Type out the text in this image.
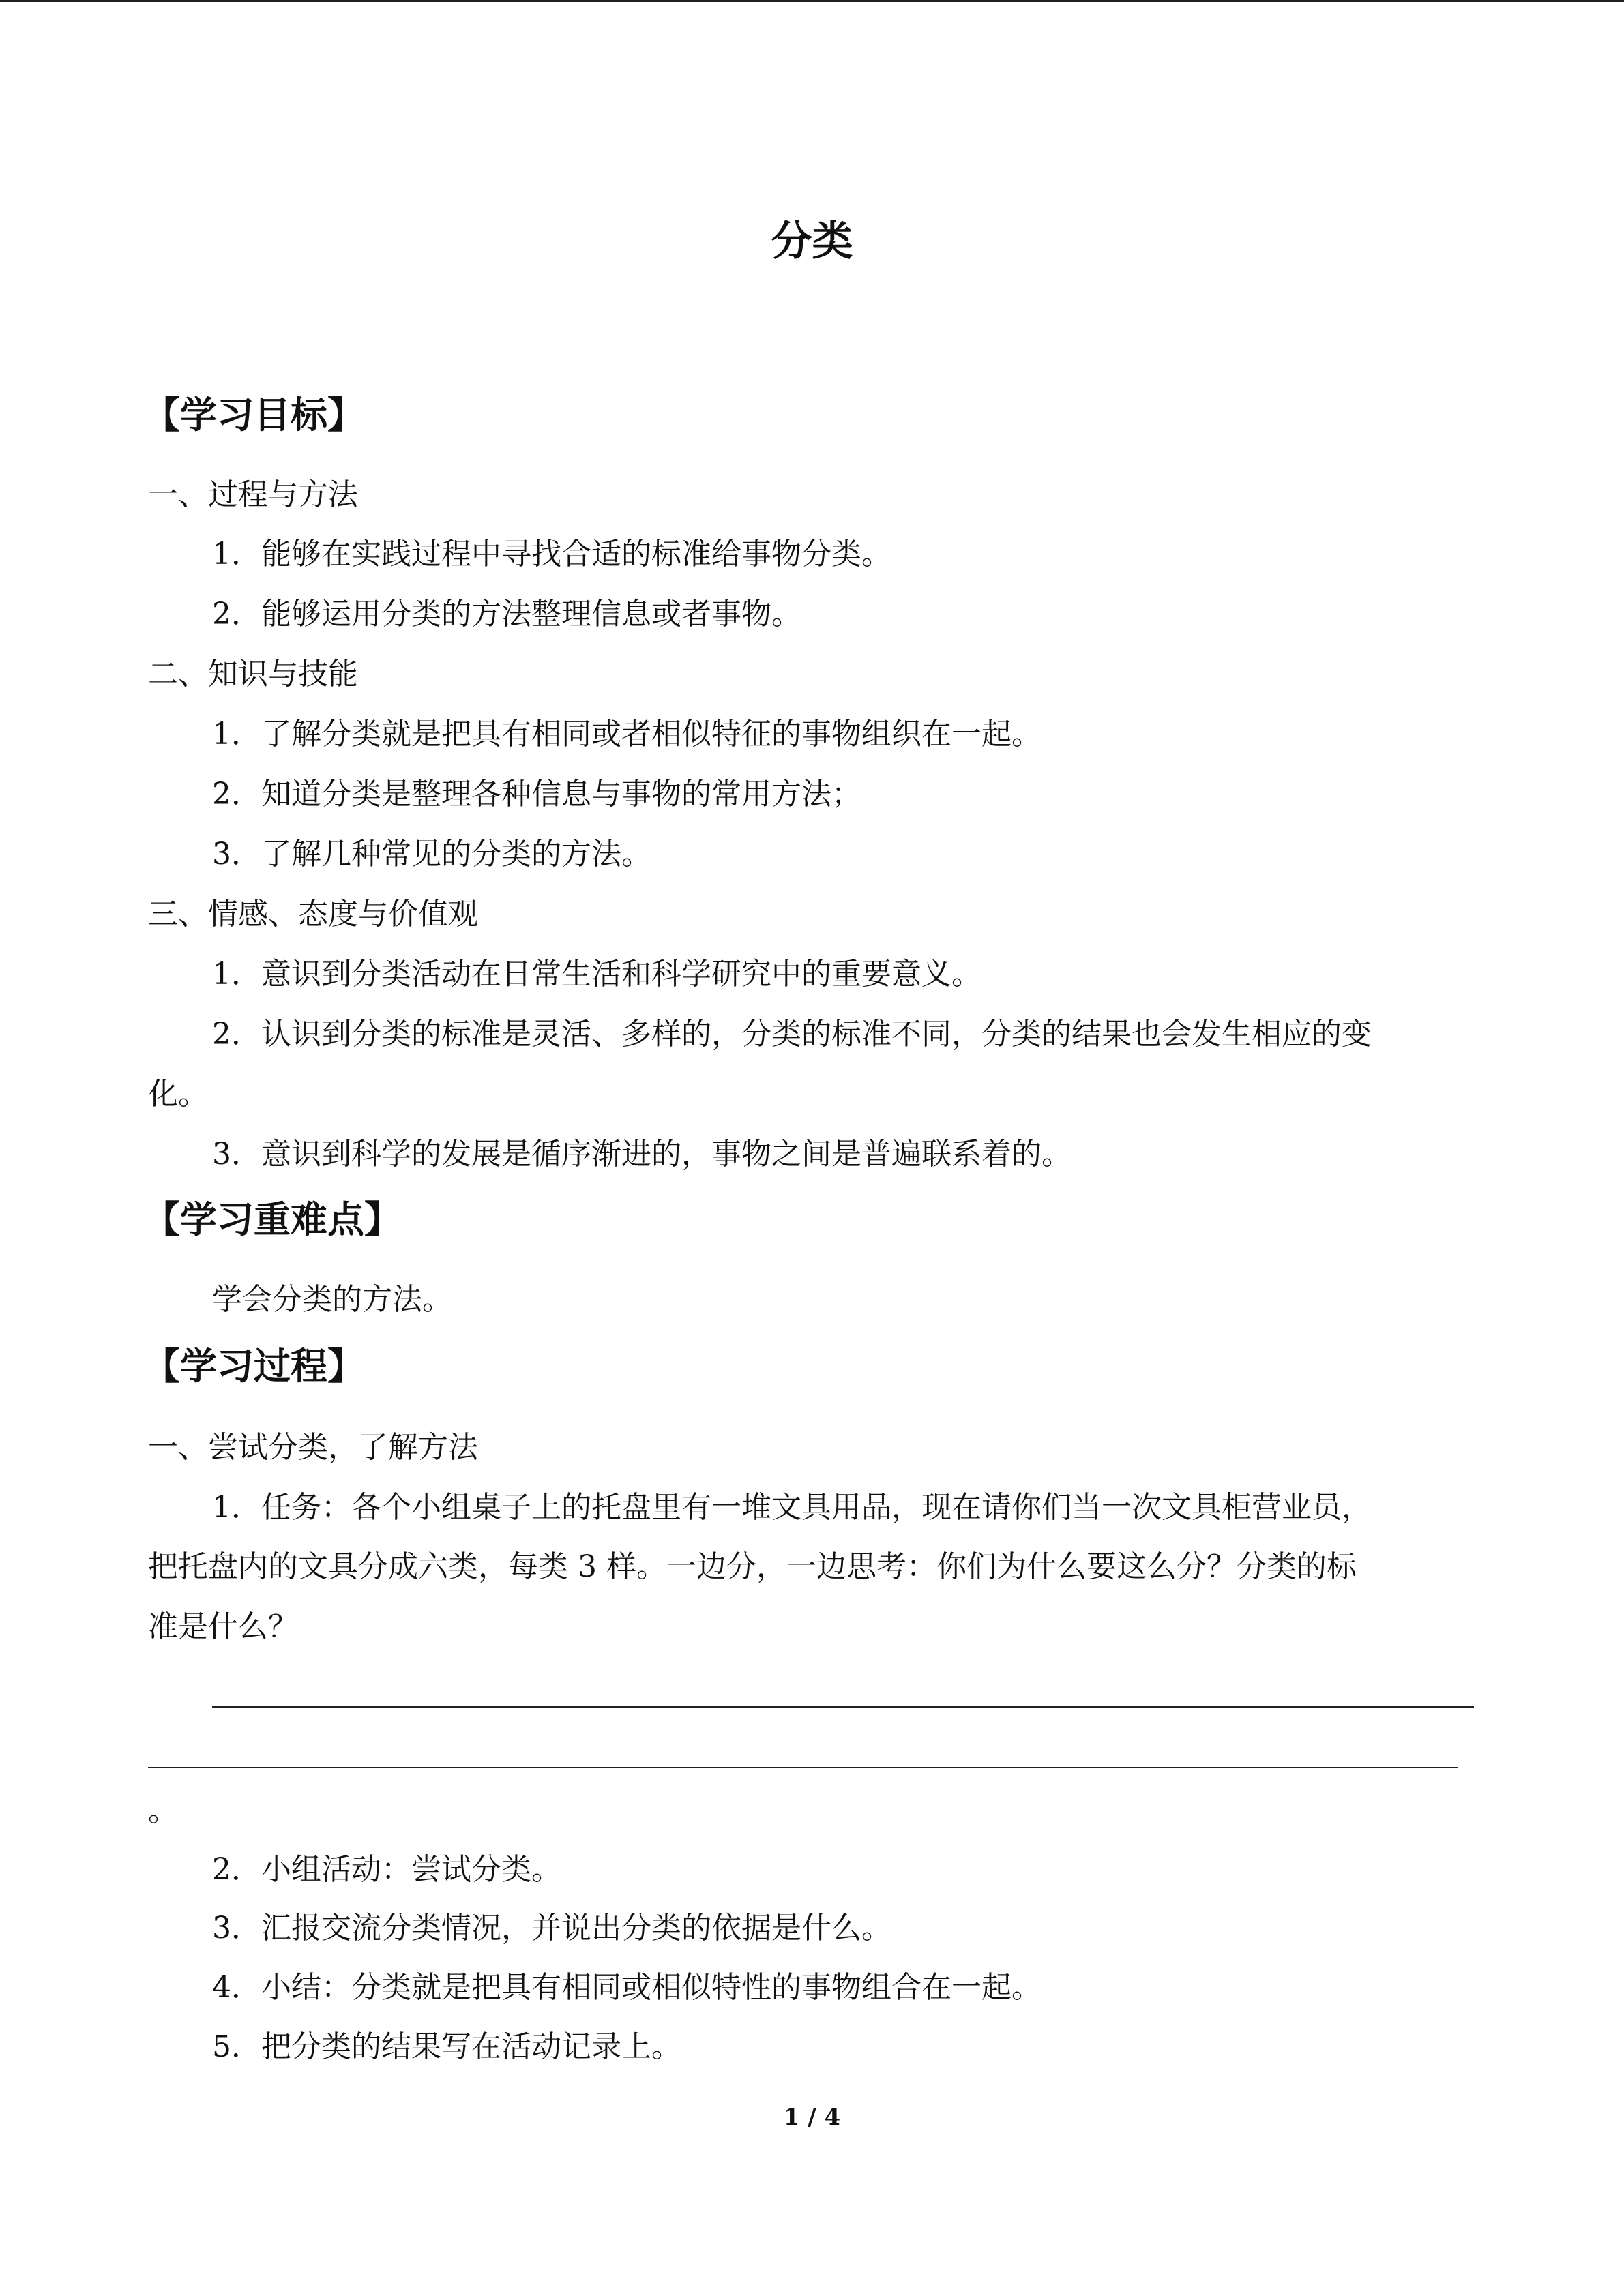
分类
【学习目标】
一、过程与方法
1．能够在实践过程中寻找合适的标准给事物分类。
2．能够运用分类的方法整理信息或者事物。
二、知识与技能
1．了解分类就是把具有相同或者相似特征的事物组织在一起。
2．知道分类是整理各种信息与事物的常用方法；
3．了解几种常见的分类的方法。
三、情感、态度与价值观
1．意识到分类活动在日常生活和科学研究中的重要意义。
2．认识到分类的标准是灵活、多样的，分类的标准不同，分类的结果也会发生相应的变
化。
3．意识到科学的发展是循序渐进的，事物之间是普遍联系着的。
【学习重难点】
学会分类的方法。
【学习过程】
一、尝试分类，了解方法
1．任务：各个小组桌子上的托盘里有一堆文具用品，现在请你们当一次文具柜营业员，
把托盘内的文具分成六类，每类 3 样。一边分，一边思考：你们为什么要这么分？分类的标
准是什么？
。
2．小组活动：尝试分类。
3．汇报交流分类情况，并说出分类的依据是什么。
4．小结：分类就是把具有相同或相似特性的事物组合在一起。
5．把分类的结果写在活动记录上。
1 / 4
